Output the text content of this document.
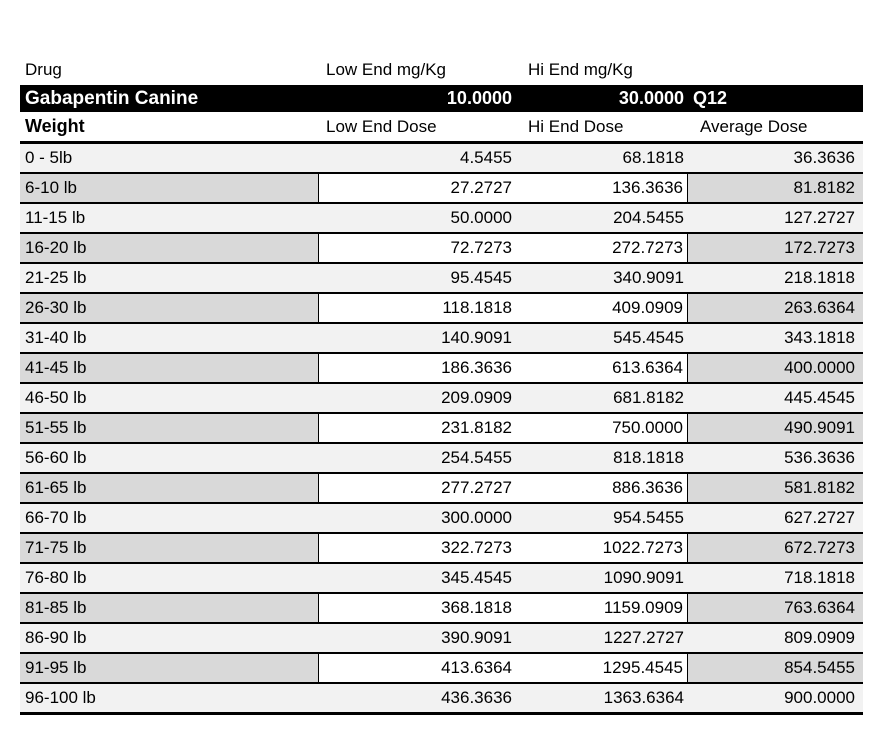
Drug	Low End mg/Kg	Hi End mg/Kg	
Gabapentin Canine	10.0000	30.0000	Q12
Weight	Low End Dose	Hi End Dose	Average Dose
0 - 5lb	4.5455	68.1818	36.3636
6-10 lb	27.2727	136.3636	81.8182
11-15 lb	50.0000	204.5455	127.2727
16-20 lb	72.7273	272.7273	172.7273
21-25 lb	95.4545	340.9091	218.1818
26-30 lb	118.1818	409.0909	263.6364
31-40 lb	140.9091	545.4545	343.1818
41-45 lb	186.3636	613.6364	400.0000
46-50 lb	209.0909	681.8182	445.4545
51-55 lb	231.8182	750.0000	490.9091
56-60 lb	254.5455	818.1818	536.3636
61-65 lb	277.2727	886.3636	581.8182
66-70 lb	300.0000	954.5455	627.2727
71-75 lb	322.7273	1022.7273	672.7273
76-80 lb	345.4545	1090.9091	718.1818
81-85 lb	368.1818	1159.0909	763.6364
86-90 lb	390.9091	1227.2727	809.0909
91-95 lb	413.6364	1295.4545	854.5455
96-100 lb	436.3636	1363.6364	900.0000
